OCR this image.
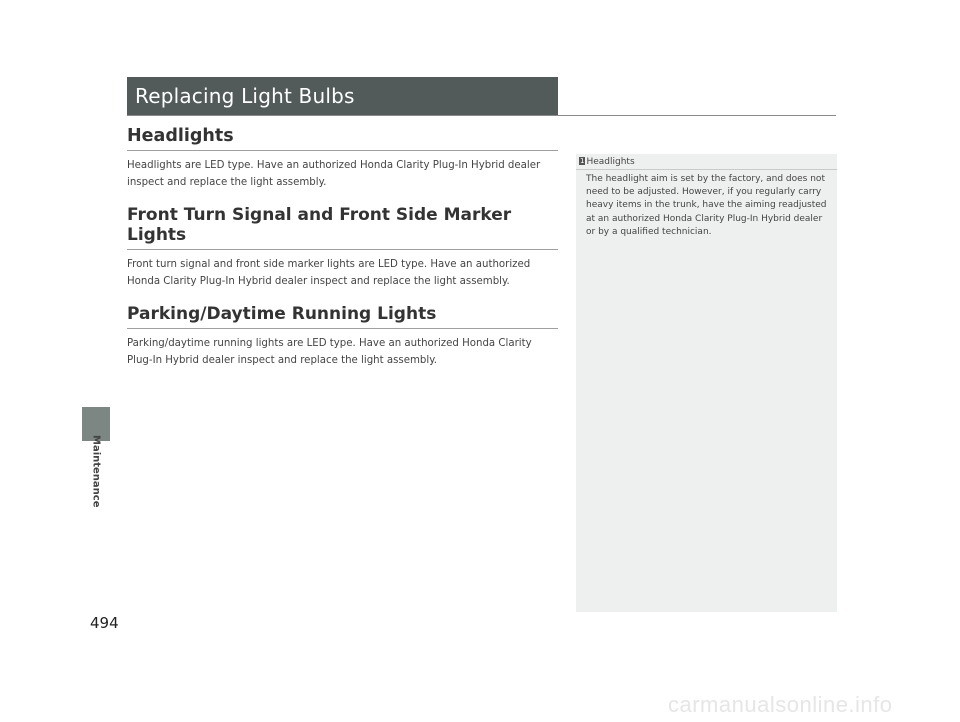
Maintenance
494
Replacing Light Bulbs
Headlights
Headlights are LED type. Have an authorized Honda Clarity Plug-In Hybrid dealer inspect and replace the light assembly.
Front Turn Signal and Front Side Marker Lights
Front turn signal and front side marker lights are LED type. Have an authorized Honda Clarity Plug-In Hybrid dealer inspect and replace the light assembly.
Parking/Daytime Running Lights
Parking/daytime running lights are LED type. Have an authorized Honda Clarity Plug-In Hybrid dealer inspect and replace the light assembly.
1 Headlights
The headlight aim is set by the factory, and does not need to be adjusted. However, if you regularly carry heavy items in the trunk, have the aiming readjusted at an authorized Honda Clarity Plug-In Hybrid dealer or by a qualified technician.
carmanualsonline.info
